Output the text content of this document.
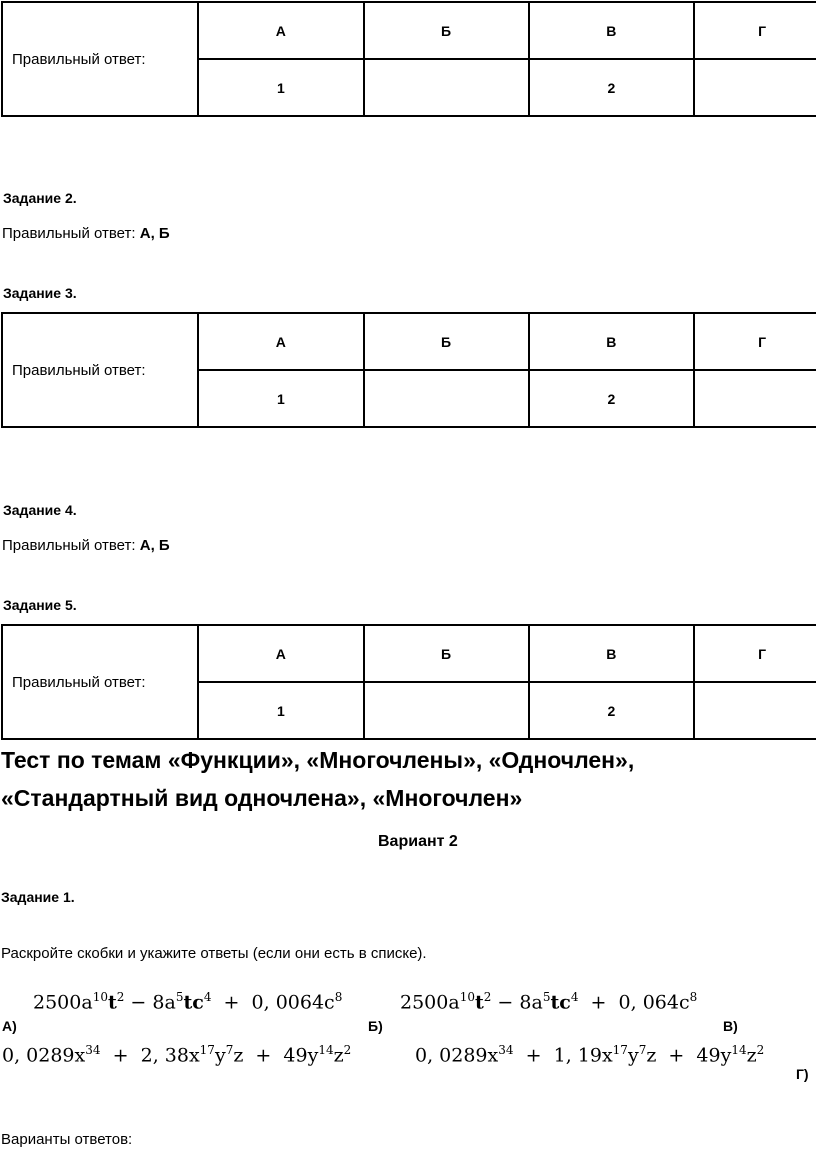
Правильный ответ:	А	Б	В	Г
	1		2	
Задание 2.
Правильный ответ: А, Б
Задание 3.
Правильный ответ:	А	Б	В	Г
	1		2	
Задание 4.
Правильный ответ: А, Б
Задание 5.
Правильный ответ:	А	Б	В	Г
	1		2	
Тест по темам «Функции», «Многочлены», «Одночлен»,
«Стандартный вид одночлена», «Многочлен»
Вариант 2
Задание 1.
Раскройте скобки и укажите ответы (если они есть в списке).
$2500a^{10}t^2 - 8a^5tc^4 + 0$, $0064c^8$
А)
$2500a^{10}t^2 - 8a^5tc^4 + 0$, $064c^8$
Б)	В)
0, $0289x^{34} + 2$, $38x^{17}y^7z + 49y^{14}z^2$	0, $0289x^{34} + 1$, $19x^{17}y^7z + 49y^{14}z^2$
Г)
Варианты ответов:
